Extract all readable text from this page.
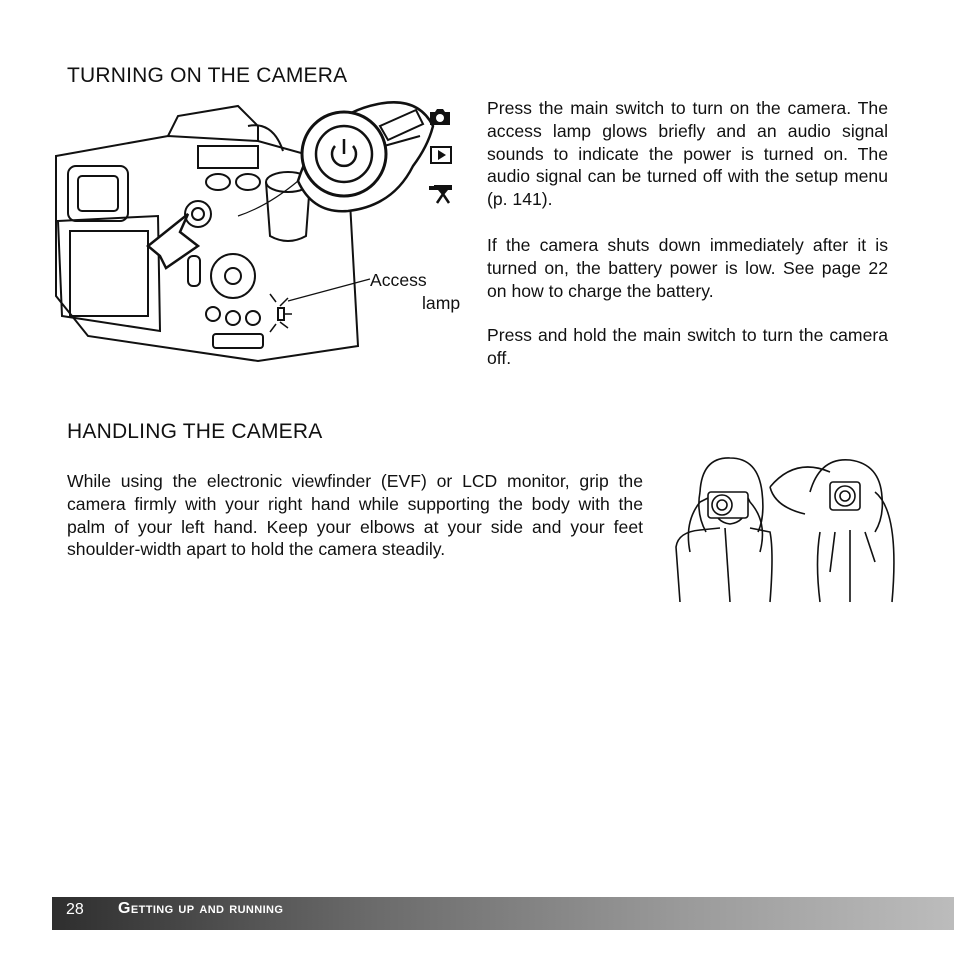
TURNING ON THE CAMERA
Access
lamp

Press the main switch to turn on the camera. The access lamp glows briefly and an audio signal sounds to indicate the power is turned on. The audio signal can be turned off with the setup menu (p. 141).

If the camera shuts down immediately after it is turned on, the battery power is low. See page 22 on how to charge the battery.

Press and hold the main switch to turn the camera off.

HANDLING THE CAMERA

While using the electronic viewfinder (EVF) or LCD monitor, grip the camera firmly with your right hand while supporting the body with the palm of your left hand. Keep your elbows at your side and your feet shoulder-width apart to hold the camera steadily.

28 Getting up and running
